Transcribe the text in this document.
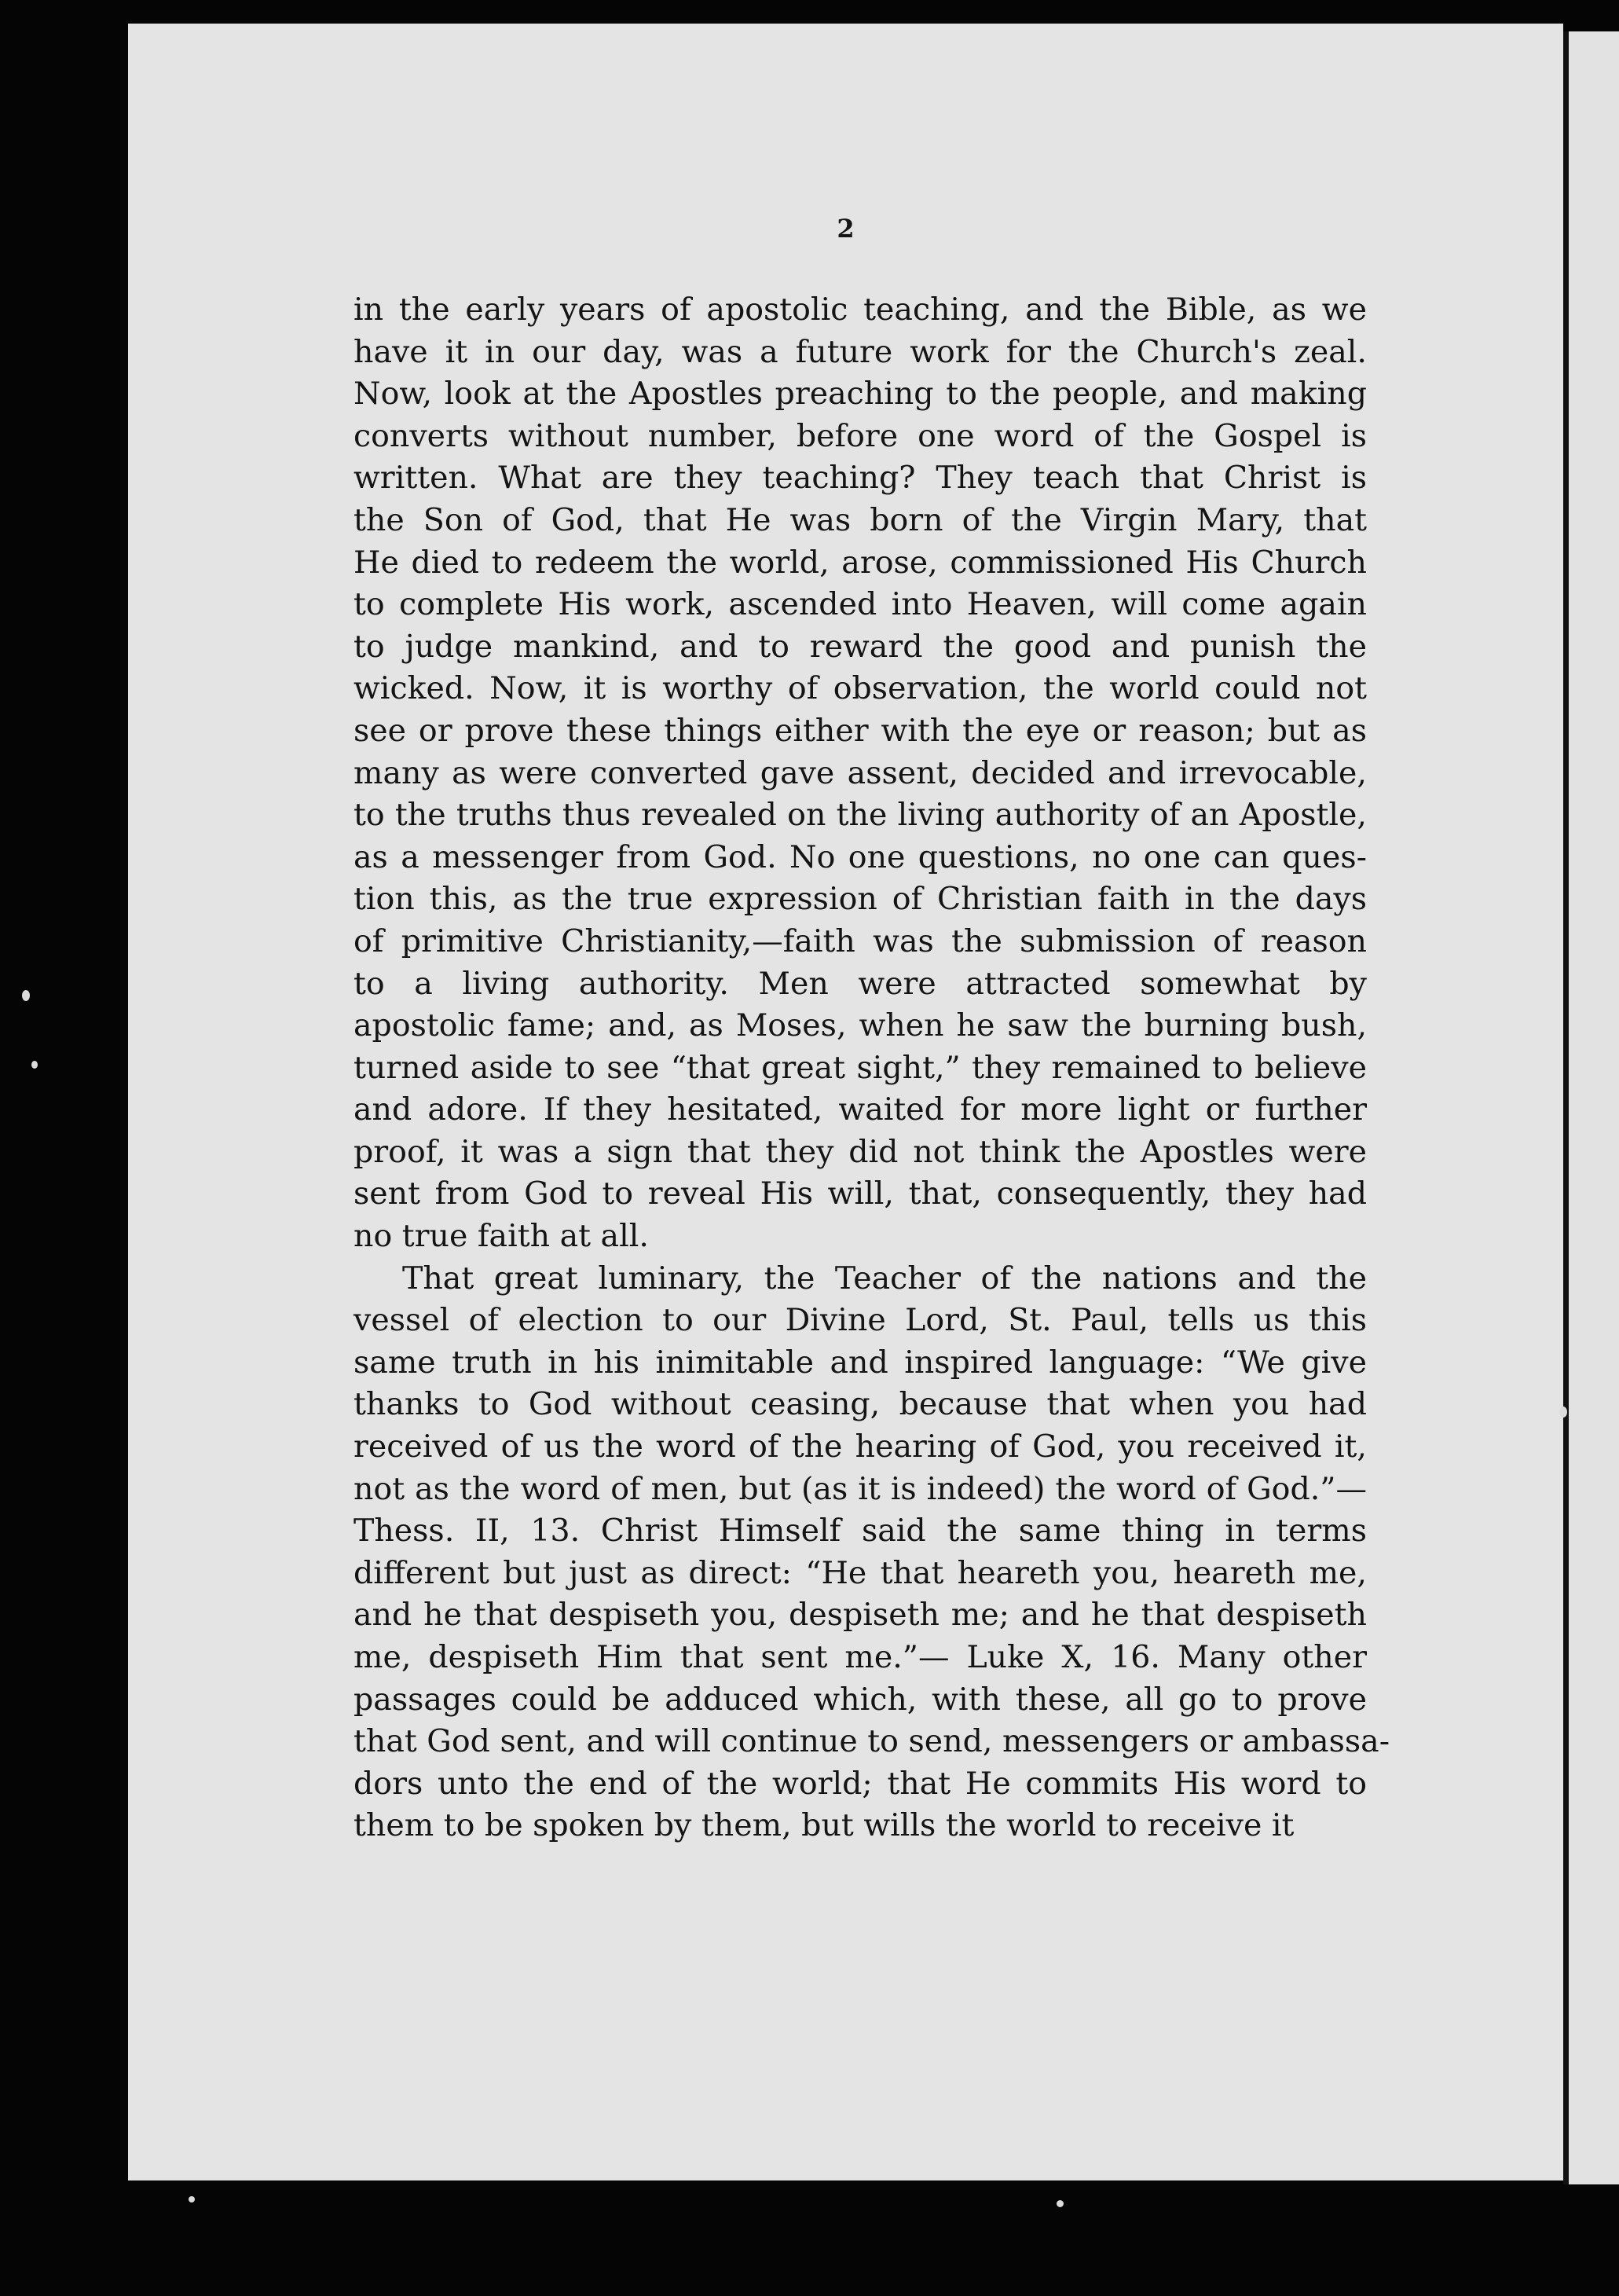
2
in the early years of apostolic teaching, and the Bible, as we
have it in our day, was a future work for the Church's zeal.
Now, look at the Apostles preaching to the people, and making
converts without number, before one word of the Gospel is
written. What are they teaching? They teach that Christ is
the Son of God, that He was born of the Virgin Mary, that
He died to redeem the world, arose, commissioned His Church
to complete His work, ascended into Heaven, will come again
to judge mankind, and to reward the good and punish the
wicked. Now, it is worthy of observation, the world could not
see or prove these things either with the eye or reason; but as
many as were converted gave assent, decided and irrevocable,
to the truths thus revealed on the living authority of an Apostle,
as a messenger from God. No one questions, no one can ques-
tion this, as the true expression of Christian faith in the days
of primitive Christianity,—faith was the submission of reason
to a living authority. Men were attracted somewhat by
apostolic fame; and, as Moses, when he saw the burning bush,
turned aside to see “that great sight,” they remained to believe
and adore. If they hesitated, waited for more light or further
proof, it was a sign that they did not think the Apostles were
sent from God to reveal His will, that, consequently, they had
no true faith at all.
That great luminary, the Teacher of the nations and the
vessel of election to our Divine Lord, St. Paul, tells us this
same truth in his inimitable and inspired language: “We give
thanks to God without ceasing, because that when you had
received of us the word of the hearing of God, you received it,
not as the word of men, but (as it is indeed) the word of God.”—
Thess. II, 13. Christ Himself said the same thing in terms
different but just as direct: “He that heareth you, heareth me,
and he that despiseth you, despiseth me; and he that despiseth
me, despiseth Him that sent me.”— Luke X, 16. Many other
passages could be adduced which, with these, all go to prove
that God sent, and will continue to send, messengers or ambassa-
dors unto the end of the world; that He commits His word to
them to be spoken by them, but wills the world to receive it
